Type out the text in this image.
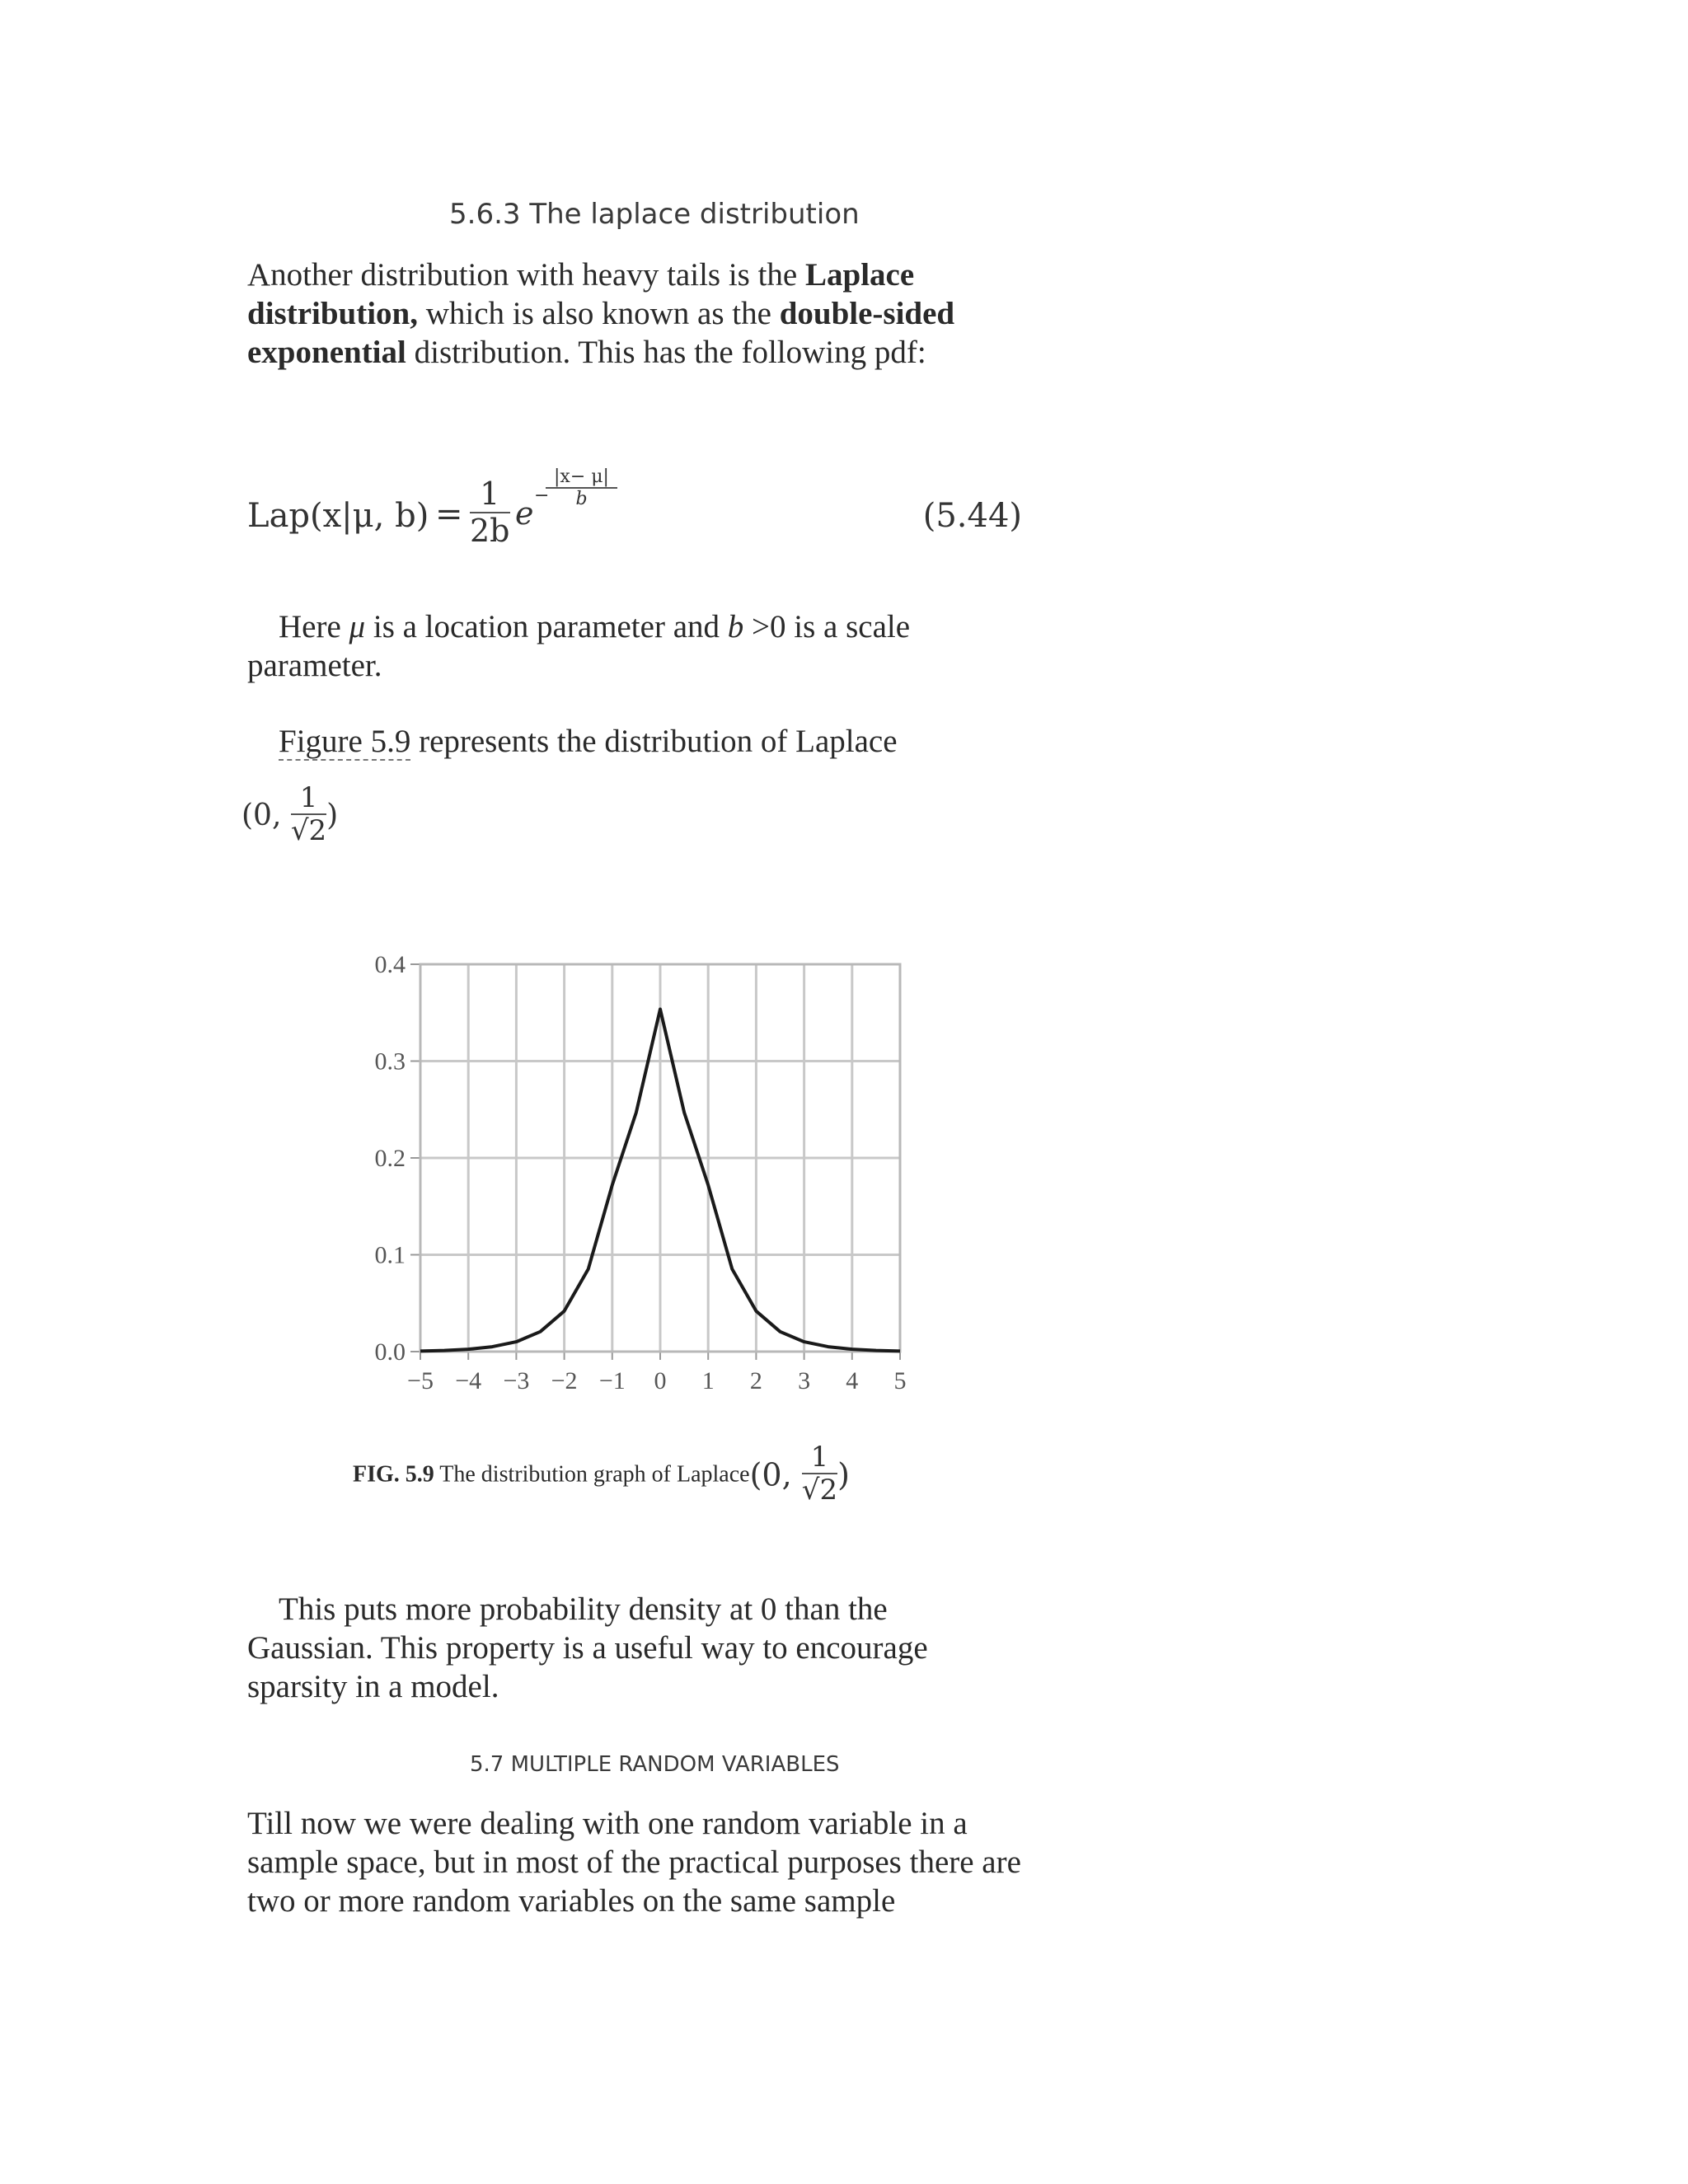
5.6.3 The laplace distribution
Another distribution with heavy tails is the Laplace distribution, which is also known as the double-sided exponential distribution. This has the following pdf:
Lap(x|μ, $b) = \frac{1}{2b}$ e −
$\frac{|x- \mu|}{b}$
(5.44)
Here μ is a location parameter and b >0 is a scale parameter.
Figure 5.9 represents the distribution of Laplace
(0, $\frac{1}{√2}$ )
0.0
0.1
0.2
0.3
0.4
−5 −4 −3 −2 −1 0 1 2 3 4 5
FIG. 5.9 The distribution graph of Laplace(0, $\frac{1}{√2}$ )
This puts more probability density at 0 than the Gaussian. This property is a useful way to encourage sparsity in a model.
5.7 MULTIPLE RANDOM VARIABLES
Till now we were dealing with one random variable in a sample space, but in most of the practical purposes there are two or more random variables on the same sample
